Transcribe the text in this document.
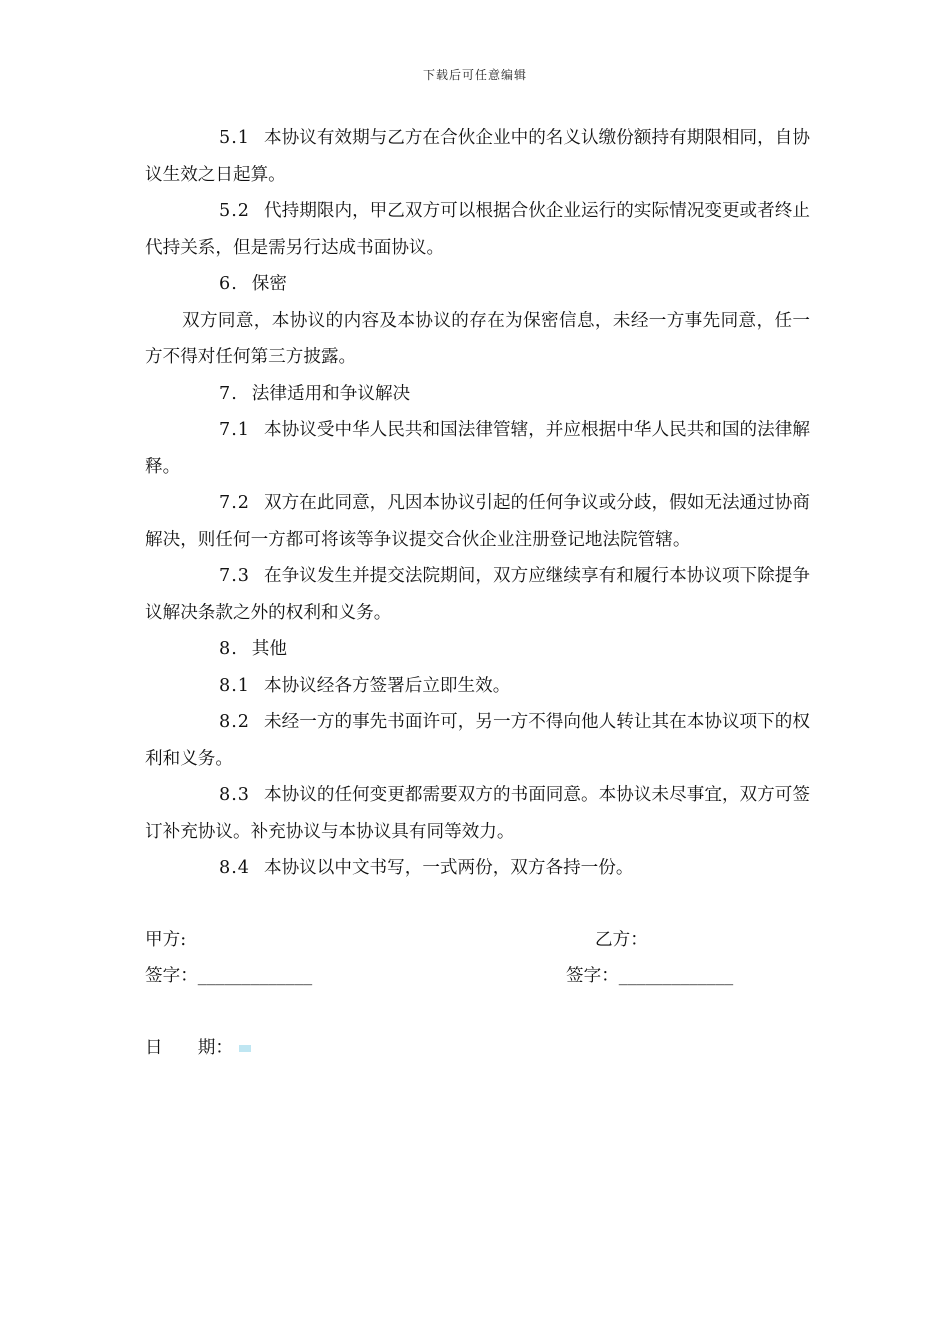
下载后可任意编辑

5.1 本协议有效期与乙方在合伙企业中的名义认缴份额持有期限相同，自协议生效之日起算。

5.2 代持期限内，甲乙双方可以根据合伙企业运行的实际情况变更或者终止代持关系，但是需另行达成书面协议。

6. 保密

双方同意，本协议的内容及本协议的存在为保密信息，未经一方事先同意，任一方不得对任何第三方披露。

7. 法律适用和争议解决

7.1 本协议受中华人民共和国法律管辖，并应根据中华人民共和国的法律解释。

7.2 双方在此同意，凡因本协议引起的任何争议或分歧，假如无法通过协商解决，则任何一方都可将该等争议提交合伙企业注册登记地法院管辖。

7.3 在争议发生并提交法院期间，双方应继续享有和履行本协议项下除提争议解决条款之外的权利和义务。

8. 其他

8.1 本协议经各方签署后立即生效。

8.2 未经一方的事先书面许可，另一方不得向他人转让其在本协议项下的权利和义务。

8.3 本协议的任何变更都需要双方的书面同意。本协议未尽事宜，双方可签订补充协议。补充协议与本协议具有同等效力。

8.4 本协议以中文书写，一式两份，双方各持一份。

甲方:	乙方：
签字：_____________	签字：_____________
日　　期：
